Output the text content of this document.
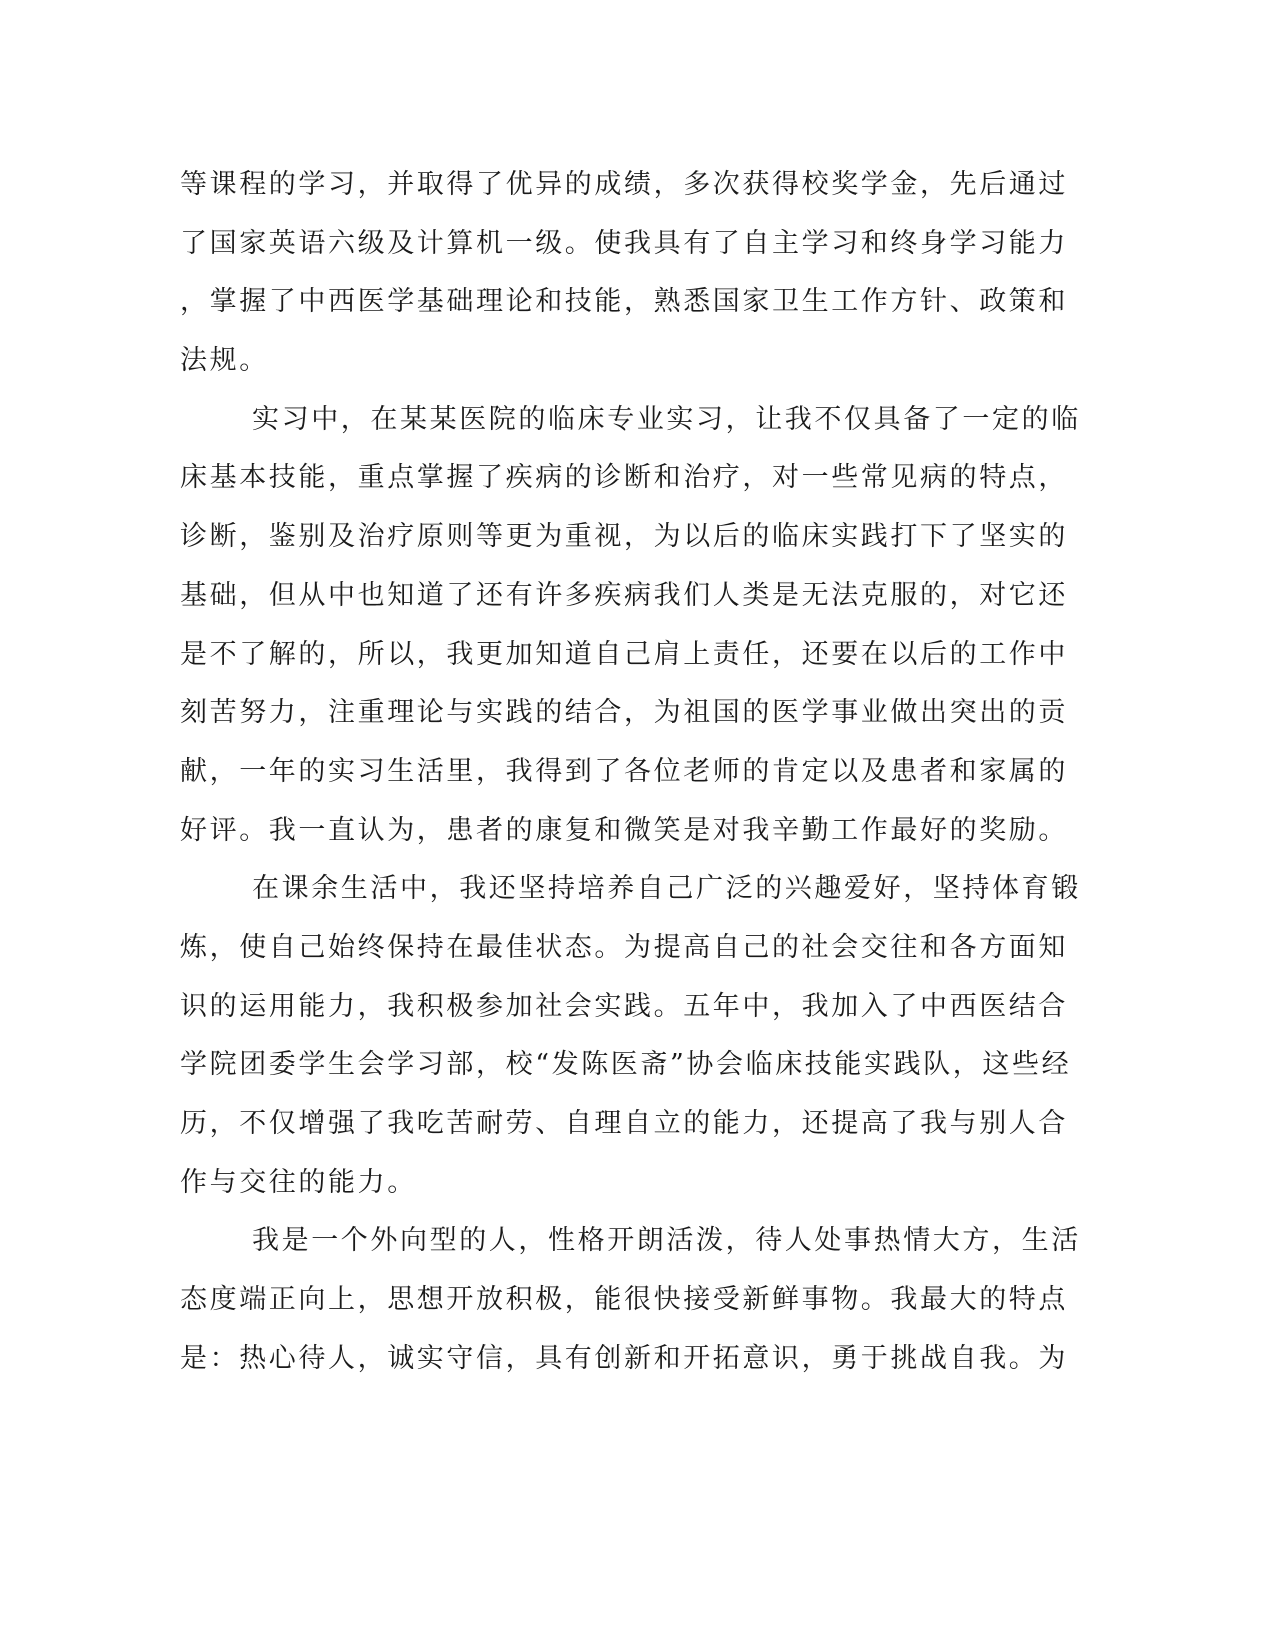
等课程的学习，并取得了优异的成绩，多次获得校奖学金，先后通过
了国家英语六级及计算机一级。使我具有了自主学习和终身学习能力
，掌握了中西医学基础理论和技能，熟悉国家卫生工作方针、政策和
法规。
实习中，在某某医院的临床专业实习，让我不仅具备了一定的临
床基本技能，重点掌握了疾病的诊断和治疗，对一些常见病的特点，
诊断，鉴别及治疗原则等更为重视，为以后的临床实践打下了坚实的
基础，但从中也知道了还有许多疾病我们人类是无法克服的，对它还
是不了解的，所以，我更加知道自己肩上责任，还要在以后的工作中
刻苦努力，注重理论与实践的结合，为祖国的医学事业做出突出的贡
献，一年的实习生活里，我得到了各位老师的肯定以及患者和家属的
好评。我一直认为，患者的康复和微笑是对我辛勤工作最好的奖励。
在课余生活中，我还坚持培养自己广泛的兴趣爱好，坚持体育锻
炼，使自己始终保持在最佳状态。为提高自己的社会交往和各方面知
识的运用能力，我积极参加社会实践。五年中，我加入了中西医结合
学院团委学生会学习部，校“发陈医斋”协会临床技能实践队，这些经
历，不仅增强了我吃苦耐劳、自理自立的能力，还提高了我与别人合
作与交往的能力。
我是一个外向型的人，性格开朗活泼，待人处事热情大方，生活
态度端正向上，思想开放积极，能很快接受新鲜事物。我最大的特点
是：热心待人，诚实守信，具有创新和开拓意识，勇于挑战自我。为
